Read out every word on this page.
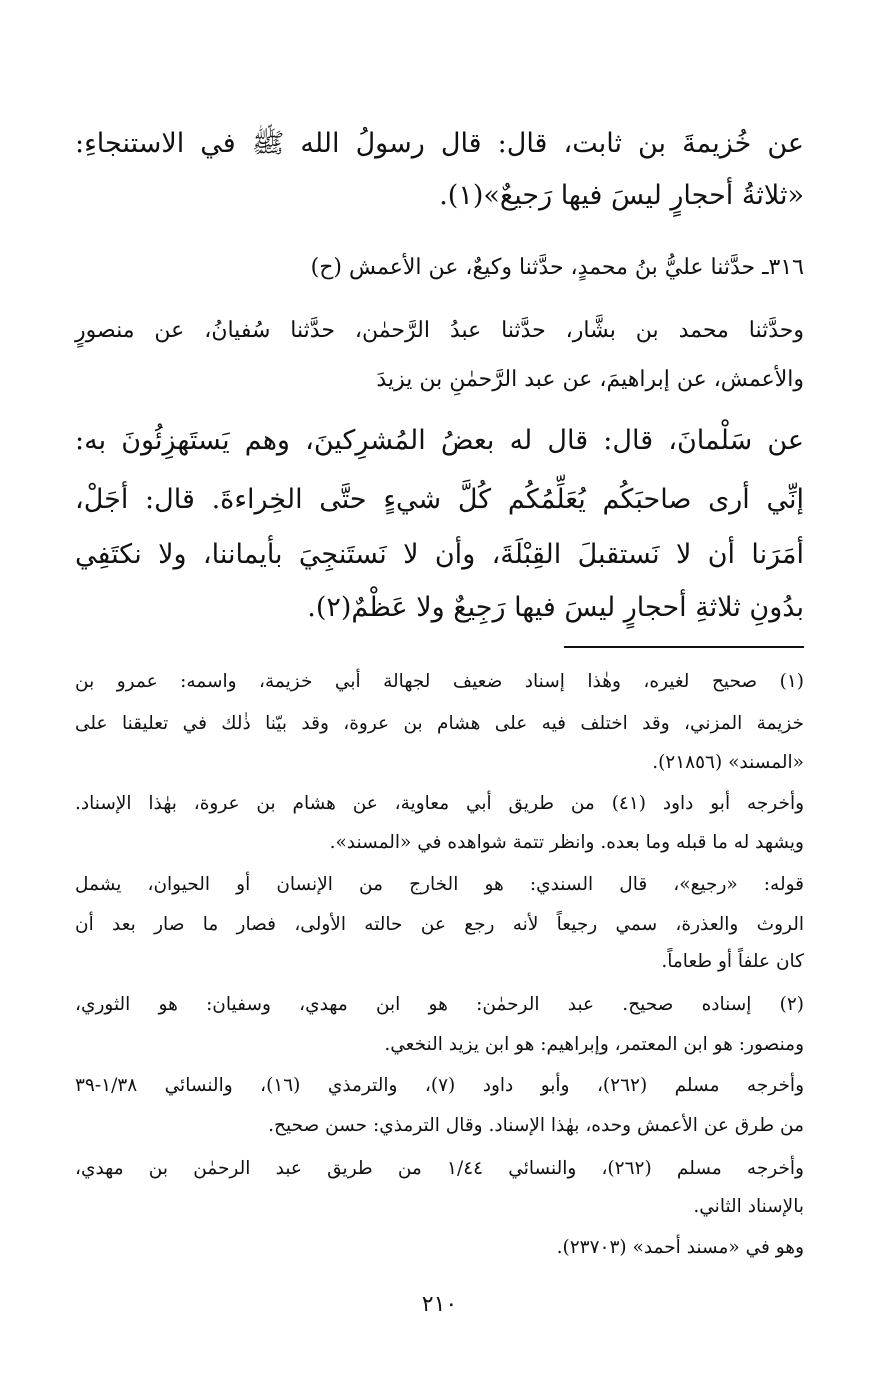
عن خُزيمةَ بن ثابت، قال: قال رسولُ الله ﷺ في الاستنجاءِ:
«ثلاثةُ أحجارٍ ليسَ فيها رَجيعٌ»(١).
٣١٦ـ حدَّثنا عليُّ بنُ محمدٍ، حدَّثنا وكيعٌ، عن الأعمش (ح)
وحدَّثنا محمد بن بشَّار، حدَّثنا عبدُ الرَّحمٰن، حدَّثنا سُفيانُ، عن منصورٍ
والأعمش، عن إبراهيمَ، عن عبد الرَّحمٰنِ بن يزيدَ
عن سَلْمانَ، قال: قال له بعضُ المُشرِكينَ، وهم يَستَهزِئُونَ به:
إنِّي أرى صاحبَكُم يُعَلِّمُكُم كُلَّ شيءٍ حتَّى الخِراءةَ. قال: أجَلْ،
أمَرَنا أن لا نَستقبلَ القِبْلَةَ، وأن لا نَستَنجِيَ بأيماننا، ولا نكتَفِي
بدُونِ ثلاثةِ أحجارٍ ليسَ فيها رَجِيعٌ ولا عَظْمٌ(٢).
(١) صحيح لغيره، وهٰذا إسناد ضعيف لجهالة أبي خزيمة، واسمه: عمرو بن
خزيمة المزني، وقد اختلف فيه على هشام بن عروة، وقد بيّنا ذٰلك في تعليقنا على
«المسند» (٢١٨٥٦).
وأخرجه أبو داود (٤١) من طريق أبي معاوية، عن هشام بن عروة، بهٰذا الإسناد.
ويشهد له ما قبله وما بعده. وانظر تتمة شواهده في «المسند».
قوله: «رجيع»، قال السندي: هو الخارج من الإنسان أو الحيوان، يشمل
الروث والعذرة، سمي رجيعاً لأنه رجع عن حالته الأولى، فصار ما صار بعد أن
كان علفاً أو طعاماً.
(٢) إسناده صحيح. عبد الرحمٰن: هو ابن مهدي، وسفيان: هو الثوري،
ومنصور: هو ابن المعتمر، وإبراهيم: هو ابن يزيد النخعي.
وأخرجه مسلم (٢٦٢)، وأبو داود (٧)، والترمذي (١٦)، والنسائي ١/٣٨-٣٩
من طرق عن الأعمش وحده، بهٰذا الإسناد. وقال الترمذي: حسن صحيح.
وأخرجه مسلم (٢٦٢)، والنسائي ١/٤٤ من طريق عبد الرحمٰن بن مهدي،
بالإسناد الثاني.
وهو في «مسند أحمد» (٢٣٧٠٣).
٢١٠
